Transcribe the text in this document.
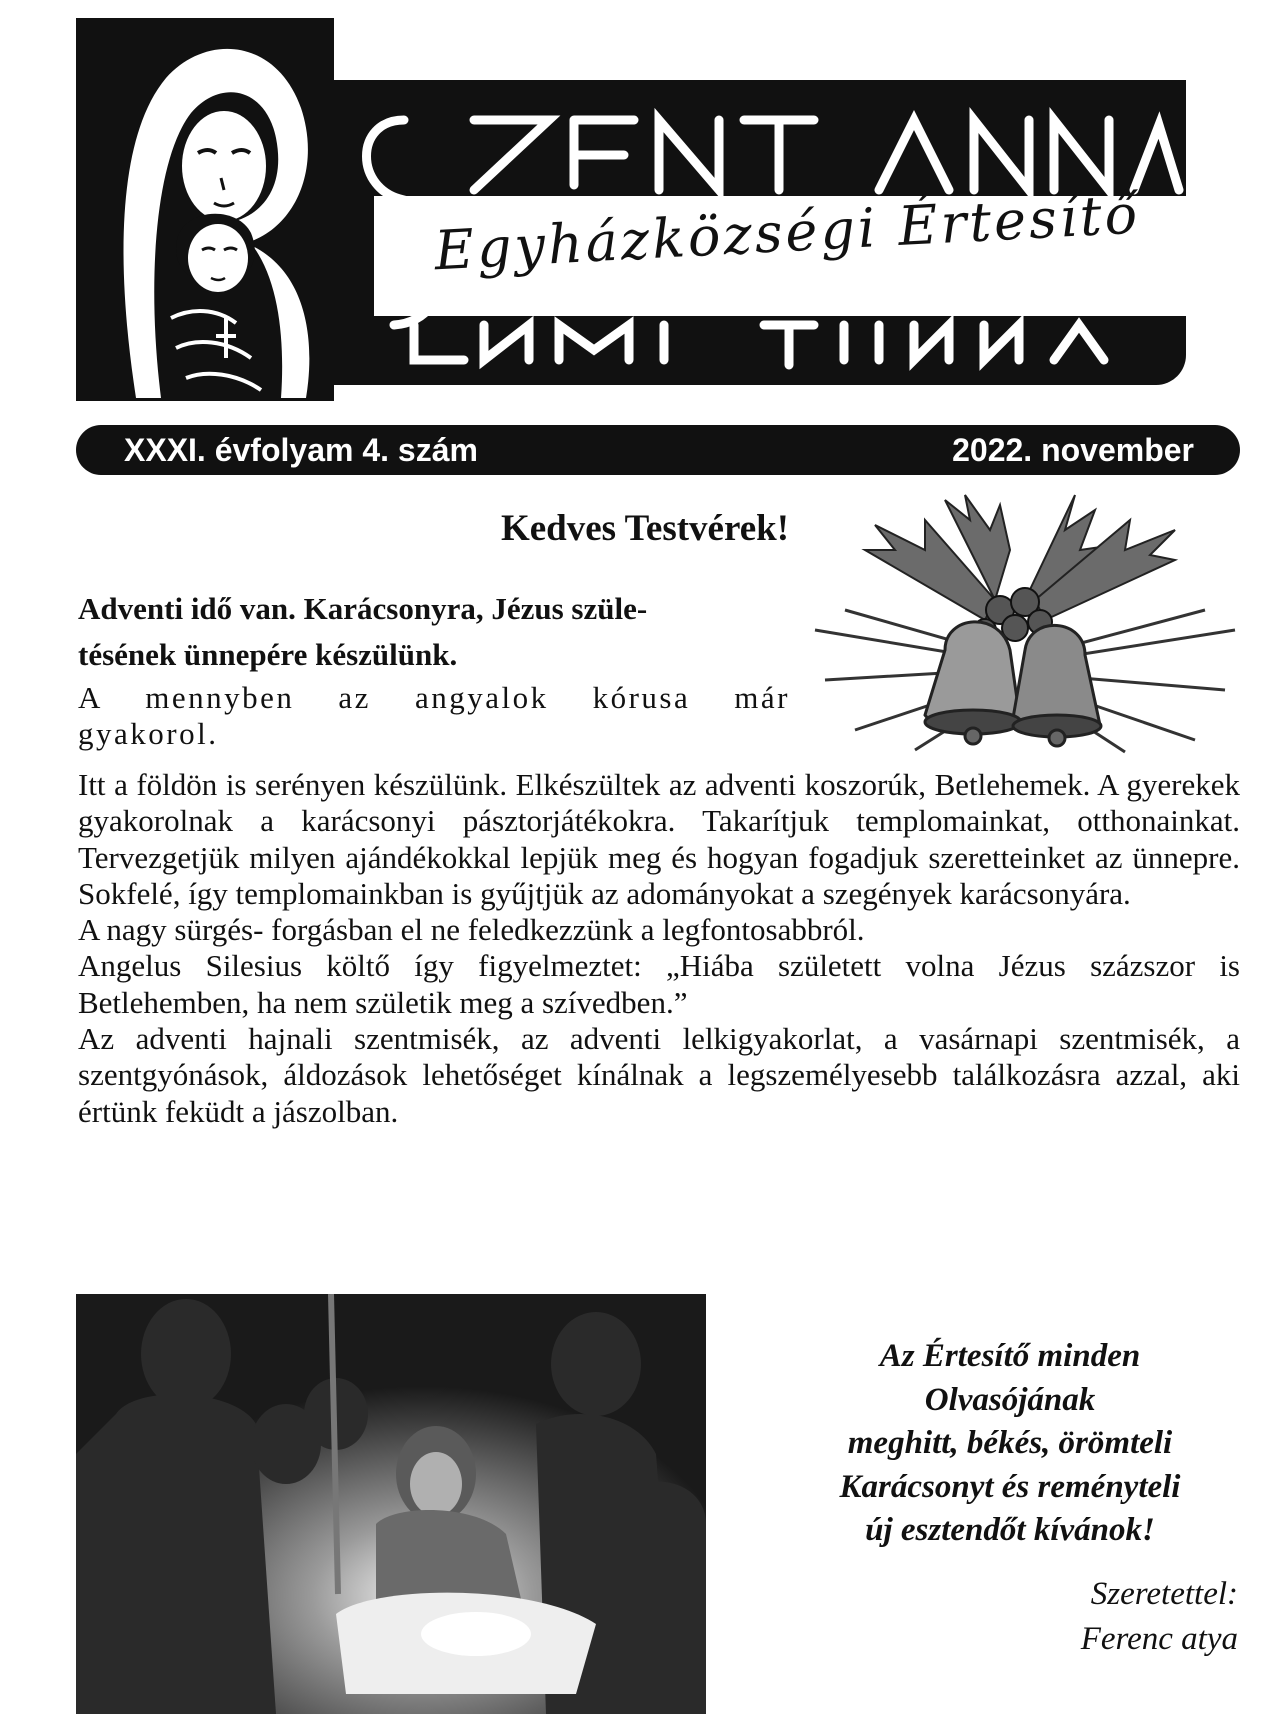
Egyházközségi Értesítő
XXXI. évfolyam 4. szám	2022. november
Kedves Testvérek!
Adventi idő van. Karácsonyra, Jézus szüle-
tésének ünnepére készülünk.
A mennyben az angyalok kórusa már gyakorol.

Itt a földön is serényen készülünk. Elkészültek az adventi koszorúk, Betlehemek. A gyerekek gyakorolnak a karácsonyi pásztorjátékokra. Takarítjuk templomainkat, otthonainkat. Tervezgetjük milyen ajándékokkal lepjük meg és hogyan fogadjuk szeretteinket az ünnepre. Sokfelé, így templomainkban is gyűjtjük az adományokat a szegények karácsonyára.

A nagy sürgés- forgásban el ne feledkezzünk a legfontosabbról.

Angelus Silesius költő így figyelmeztet: „Hiába született volna Jézus százszor is Betlehemben, ha nem születik meg a szívedben.”

Az adventi hajnali szentmisék, az adventi lelkigyakorlat, a vasárnapi szentmisék, a szentgyónások, áldozások lehetőséget kínálnak a legszemélyesebb találkozásra azzal, aki értünk feküdt a jászolban.

Az Értesítő minden
Olvasójának
meghitt, békés, örömteli
Karácsonyt és reményteli
új esztendőt kívánok!
Szeretettel:
Ferenc atya
